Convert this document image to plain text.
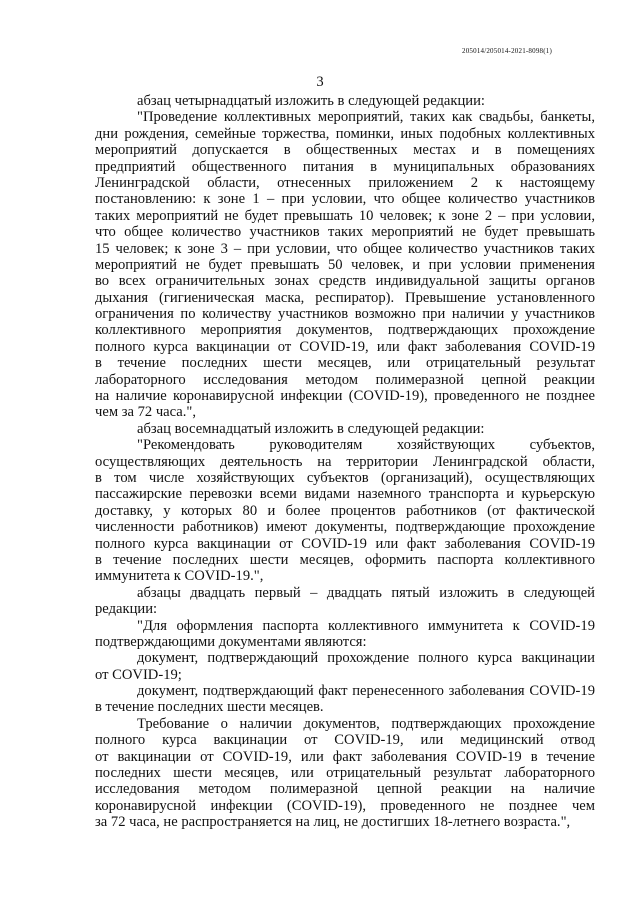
205014/205014-2021-8098(1)
3
абзац четырнадцатый изложить в следующей редакции:
"Проведение коллективных мероприятий, таких как свадьбы, банкеты,
дни рождения, семейные торжества, поминки, иных подобных коллективных
мероприятий допускается в общественных местах и в помещениях
предприятий общественного питания в муниципальных образованиях
Ленинградской области, отнесенных приложением 2 к настоящему
постановлению: к зоне 1 – при условии, что общее количество участников
таких мероприятий не будет превышать 10 человек; к зоне 2 – при условии,
что общее количество участников таких мероприятий не будет превышать
15 человек; к зоне 3 – при условии, что общее количество участников таких
мероприятий не будет превышать 50 человек, и при условии применения
во всех ограничительных зонах средств индивидуальной защиты органов
дыхания (гигиеническая маска, респиратор). Превышение установленного
ограничения по количеству участников возможно при наличии у участников
коллективного мероприятия документов, подтверждающих прохождение
полного курса вакцинации от COVID-19, или факт заболевания COVID-19
в течение последних шести месяцев, или отрицательный результат
лабораторного исследования методом полимеразной цепной реакции
на наличие коронавирусной инфекции (COVID-19), проведенного не позднее
чем за 72 часа.",
абзац восемнадцатый изложить в следующей редакции:
"Рекомендовать руководителям хозяйствующих субъектов,
осуществляющих деятельность на территории Ленинградской области,
в том числе хозяйствующих субъектов (организаций), осуществляющих
пассажирские перевозки всеми видами наземного транспорта и курьерскую
доставку, у которых 80 и более процентов работников (от фактической
численности работников) имеют документы, подтверждающие прохождение
полного курса вакцинации от COVID-19 или факт заболевания COVID-19
в течение последних шести месяцев, оформить паспорта коллективного
иммунитета к COVID-19.",
абзацы двадцать первый – двадцать пятый изложить в следующей
редакции:
"Для оформления паспорта коллективного иммунитета к COVID-19
подтверждающими документами являются:
документ, подтверждающий прохождение полного курса вакцинации
от COVID-19;
документ, подтверждающий факт перенесенного заболевания COVID-19
в течение последних шести месяцев.
Требование о наличии документов, подтверждающих прохождение
полного курса вакцинации от COVID-19, или медицинский отвод
от вакцинации от COVID-19, или факт заболевания COVID-19 в течение
последних шести месяцев, или отрицательный результат лабораторного
исследования методом полимеразной цепной реакции на наличие
коронавирусной инфекции (COVID-19), проведенного не позднее чем
за 72 часа, не распространяется на лиц, не достигших 18-летнего возраста.",
